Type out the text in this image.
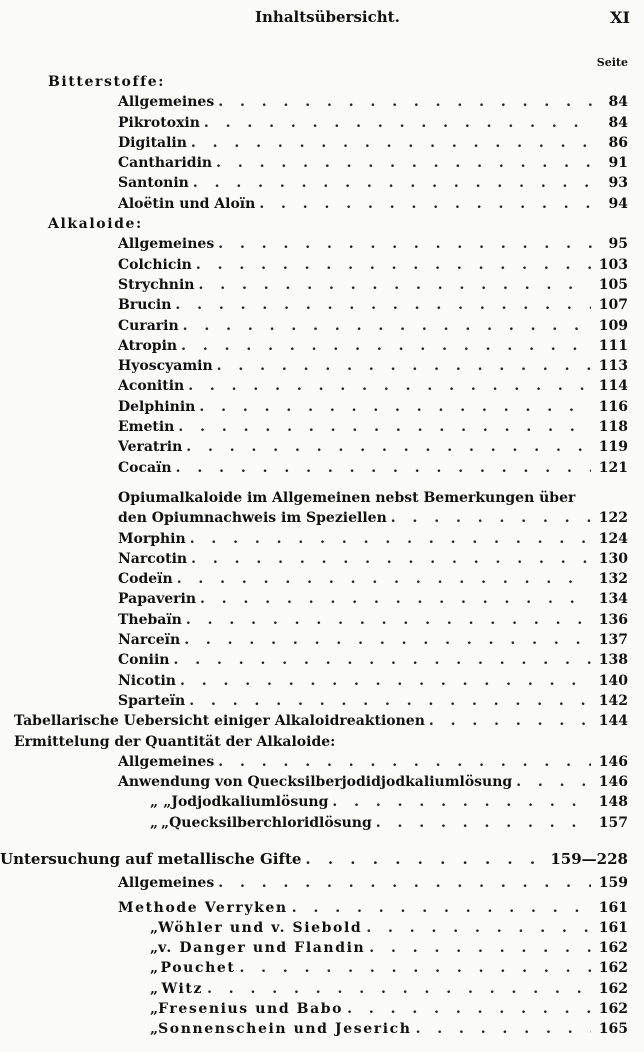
Inhaltsübersicht.	XI
Seite
Bitterstoffe:
Allgemeines . . .	84
Pikrotoxin . . .	84
Digitalin . . .	86
Cantharidin . . .	91
Santonin . . .	93
Aloëtin und Aloïn . . .	94
Alkaloide:
Allgemeines . . .	95
Colchicin . . .	103
Strychnin . . .	105
Brucin . . .	107
Curarin . . .	109
Atropin . . .	111
Hyoscyamin . . .	113
Aconitin . . .	114
Delphinin . . .	116
Emetin . . .	118
Veratrin . . .	119
Cocaïn . . .	121
Opiumalkaloide im Allgemeinen nebst Bemerkungen über
den Opiumnachweis im Speziellen . . .	122
Morphin . . .	124
Narcotin . . .	130
Codeïn . . .	132
Papaverin . . .	134
Thebaïn . . .	136
Narceïn . . .	137
Coniin . . .	138
Nicotin . . .	140
Sparteïn . . .	142
Tabellarische Uebersicht einiger Alkaloidreaktionen . . .	144
Ermittelung der Quantität der Alkaloide:
Allgemeines . . .	146
Anwendung von Quecksilberjodidjodkaliumlösung . . .	146
„ „ Jodjodkaliumlösung . . .	148
„ „ Quecksilberchloridlösung . . .	157
Untersuchung auf metallische Gifte . . .	159—228
Allgemeines . . .	159
Methode Verryken . . .	161
„ Wöhler und v. Siebold . . .	161
„ v. Danger und Flandin . . .	162
„ Pouchet . . .	162
„ Witz . . .	162
„ Fresenius und Babo . . .	162
„ Sonnenschein und Jeserich . . .	165
